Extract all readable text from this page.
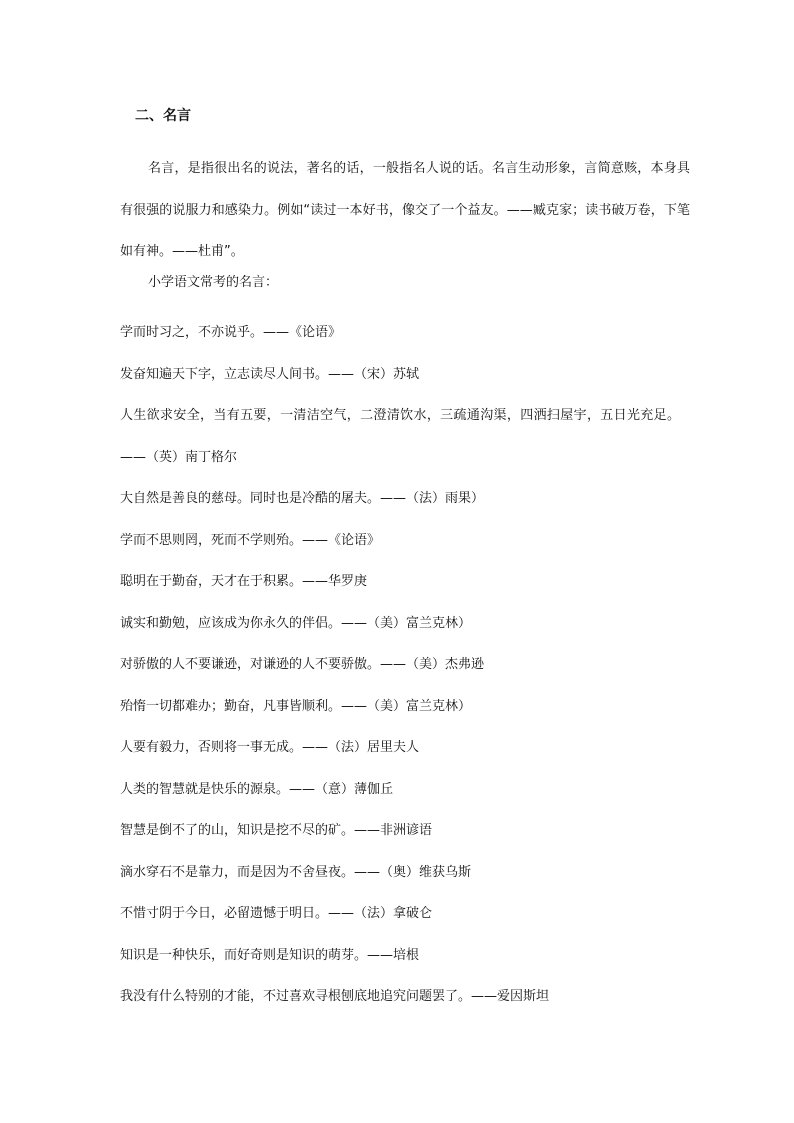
二、名言

名言，是指很出名的说法，著名的话，一般指名人说的话。名言生动形象，言简意赅，本身具有很强的说服力和感染力。例如“读过一本好书，像交了一个益友。——臧克家；读书破万卷，下笔如有神。——杜甫”。

小学语文常考的名言：
学而时习之，不亦说乎。——《论语》
发奋知遍天下字，立志读尽人间书。——（宋）苏轼
人生欲求安全，当有五要，一清洁空气，二澄清饮水，三疏通沟渠，四洒扫屋宇，五日光充足。——（英）南丁格尔
大自然是善良的慈母。同时也是冷酷的屠夫。——（法）雨果）
学而不思则罔，死而不学则殆。——《论语》
聪明在于勤奋，天才在于积累。——华罗庚
诚实和勤勉，应该成为你永久的伴侣。——（美）富兰克林）
对骄傲的人不要谦逊，对谦逊的人不要骄傲。——（美）杰弗逊
殆惰一切都难办；勤奋，凡事皆顺利。——（美）富兰克林）
人要有毅力，否则将一事无成。——（法）居里夫人
人类的智慧就是快乐的源泉。——（意）薄伽丘
智慧是倒不了的山，知识是挖不尽的矿。——非洲谚语
滴水穿石不是靠力，而是因为不舍昼夜。——（奥）维获乌斯
不惜寸阴于今日，必留遗憾于明日。——（法）拿破仑
知识是一种快乐，而好奇则是知识的萌芽。——培根
我没有什么特别的才能，不过喜欢寻根刨底地追究问题罢了。——爱因斯坦
